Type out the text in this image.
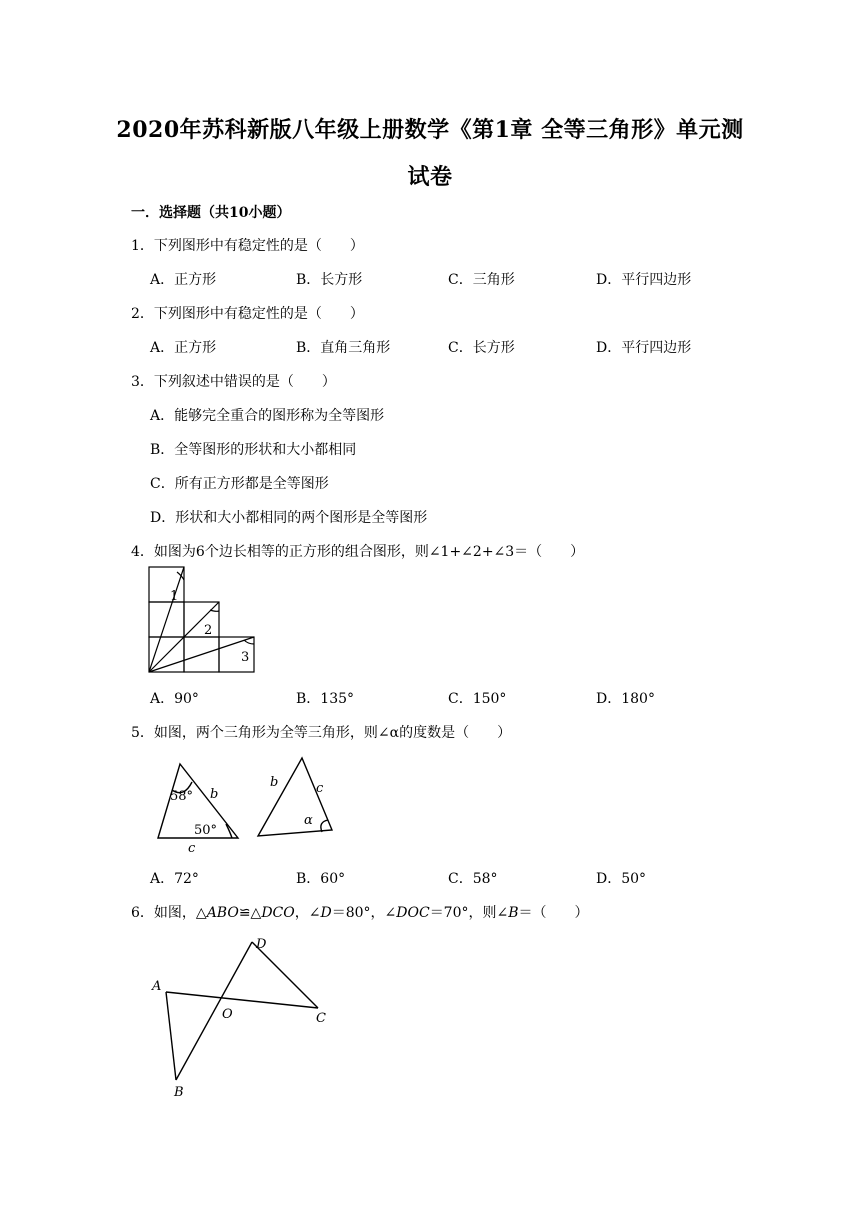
2020年苏科新版八年级上册数学《第1章 全等三角形》单元测
试卷
一．选择题（共10小题）
1．下列图形中有稳定性的是（　　）
A．正方形	B．长方形	C．三角形	D．平行四边形
2．下列图形中有稳定性的是（　　）
A．正方形	B．直角三角形	C．长方形	D．平行四边形
3．下列叙述中错误的是（　　）
A．能够完全重合的图形称为全等图形
B．全等图形的形状和大小都相同
C．所有正方形都是全等图形
D．形状和大小都相同的两个图形是全等图形
4．如图为6个边长相等的正方形的组合图形，则∠1+∠2+∠3＝（　　）
1
2
3
A．90°	B．135°	C．150°	D．180°
5．如图，两个三角形为全等三角形，则∠α的度数是（　　）
58° b
50°
c
b	c
α
A．72°	B．60°	C．58°	D．50°
6．如图，△ABO≌△DCO，∠D＝80°，∠DOC＝70°，则∠B＝（　　）
D
A
O	C
B
